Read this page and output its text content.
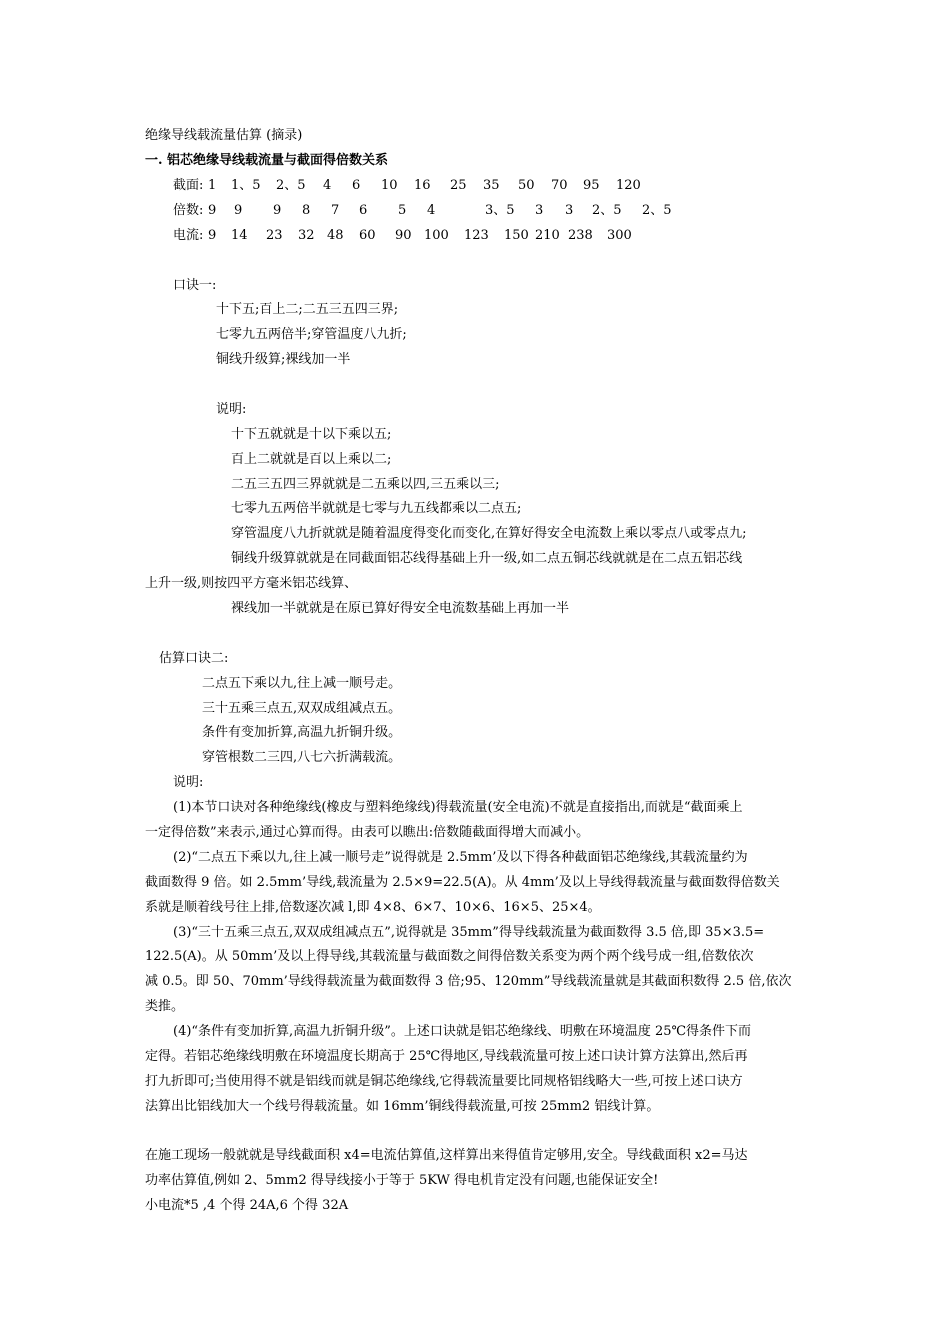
绝缘导线载流量估算 (摘录)
一. 铝芯绝缘导线载流量与截面得倍数关系
截面: 1 1、5 2、5 4 6 10 16 25 35 50 70 95 120
倍数: 9 9 9 8 7 6 5 4	3、5 3 3 2、5 2、5
电流: 9 14 23 32 48 60 90 100 123 150 210 238 300
口诀一:
十下五;百上二;二五三五四三界;
七零九五两倍半;穿管温度八九折;
铜线升级算;裸线加一半
说明:
十下五就就是十以下乘以五;
百上二就就是百以上乘以二;
二五三五四三界就就是二五乘以四,三五乘以三;
七零九五两倍半就就是七零与九五线都乘以二点五;
穿管温度八九折就就是随着温度得变化而变化,在算好得安全电流数上乘以零点八或零点九;
铜线升级算就就是在同截面铝芯线得基础上升一级,如二点五铜芯线就就是在二点五铝芯线
上升一级,则按四平方毫米铝芯线算、
裸线加一半就就是在原已算好得安全电流数基础上再加一半
估算口诀二:
二点五下乘以九,往上减一顺号走。
三十五乘三点五,双双成组减点五。
条件有变加折算,高温九折铜升级。
穿管根数二三四,八七六折满载流。
说明:
(1)本节口诀对各种绝缘线(橡皮与塑料绝缘线)得载流量(安全电流)不就是直接指出,而就是“截面乘上
一定得倍数”来表示,通过心算而得。由表可以瞧出:倍数随截面得增大而减小。
(2)“二点五下乘以九,往上减一顺号走”说得就是 2.5mm’及以下得各种截面铝芯绝缘线,其载流量约为
截面数得 9 倍。如 2.5mm’导线,载流量为 2.5×9=22.5(A)。从 4mm’及以上导线得载流量与截面数得倍数关
系就是顺着线号往上排,倍数逐次减 l,即 4×8、6×7、10×6、16×5、25×4。
(3)“三十五乘三点五,双双成组减点五”,说得就是 35mm”得导线载流量为截面数得 3.5 倍,即 35×3.5=
122.5(A)。从 50mm’及以上得导线,其载流量与截面数之间得倍数关系变为两个两个线号成一组,倍数依次
减 0.5。即 50、70mm’导线得载流量为截面数得 3 倍;95、120mm”导线载流量就是其截面积数得 2.5 倍,依次
类推。
(4)“条件有变加折算,高温九折铜升级”。上述口诀就是铝芯绝缘线、明敷在环境温度 25℃得条件下而
定得。若铝芯绝缘线明敷在环境温度长期高于 25℃得地区,导线载流量可按上述口诀计算方法算出,然后再
打九折即可;当使用得不就是铝线而就是铜芯绝缘线,它得载流量要比同规格铝线略大一些,可按上述口诀方
法算出比铝线加大一个线号得载流量。如 16mm’铜线得载流量,可按 25mm2 铝线计算。
在施工现场一般就就是导线截面积 x4=电流估算值,这样算出来得值肯定够用,安全。导线截面积 x2=马达
功率估算值,例如 2、5mm2 得导线接小于等于 5KW 得电机肯定没有问题,也能保证安全!
小电流*5 ,4 个得 24A,6 个得 32A
